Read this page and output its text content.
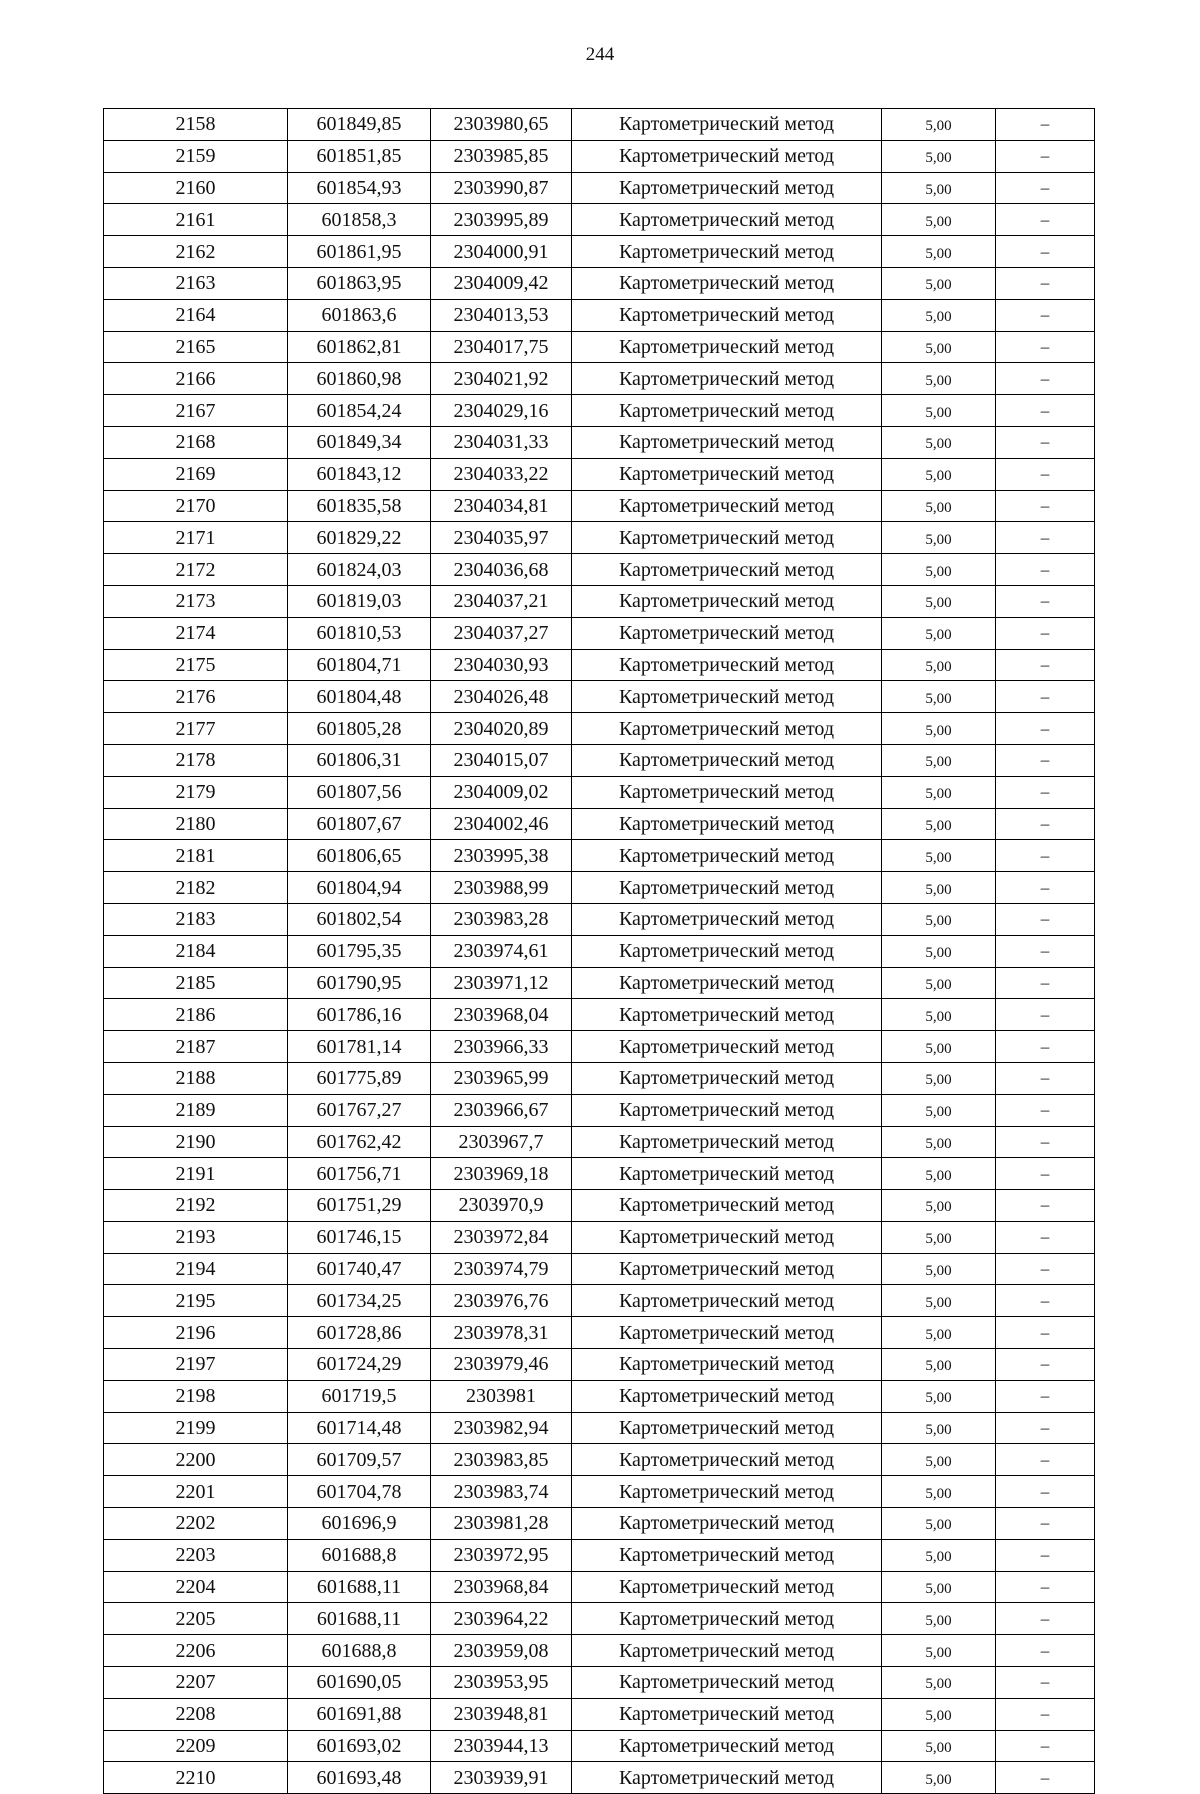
244
2158	601849,85	2303980,65	Картометрический метод	5,00	–
2159	601851,85	2303985,85	Картометрический метод	5,00	–
2160	601854,93	2303990,87	Картометрический метод	5,00	–
2161	601858,3	2303995,89	Картометрический метод	5,00	–
2162	601861,95	2304000,91	Картометрический метод	5,00	–
2163	601863,95	2304009,42	Картометрический метод	5,00	–
2164	601863,6	2304013,53	Картометрический метод	5,00	–
2165	601862,81	2304017,75	Картометрический метод	5,00	–
2166	601860,98	2304021,92	Картометрический метод	5,00	–
2167	601854,24	2304029,16	Картометрический метод	5,00	–
2168	601849,34	2304031,33	Картометрический метод	5,00	–
2169	601843,12	2304033,22	Картометрический метод	5,00	–
2170	601835,58	2304034,81	Картометрический метод	5,00	–
2171	601829,22	2304035,97	Картометрический метод	5,00	–
2172	601824,03	2304036,68	Картометрический метод	5,00	–
2173	601819,03	2304037,21	Картометрический метод	5,00	–
2174	601810,53	2304037,27	Картометрический метод	5,00	–
2175	601804,71	2304030,93	Картометрический метод	5,00	–
2176	601804,48	2304026,48	Картометрический метод	5,00	–
2177	601805,28	2304020,89	Картометрический метод	5,00	–
2178	601806,31	2304015,07	Картометрический метод	5,00	–
2179	601807,56	2304009,02	Картометрический метод	5,00	–
2180	601807,67	2304002,46	Картометрический метод	5,00	–
2181	601806,65	2303995,38	Картометрический метод	5,00	–
2182	601804,94	2303988,99	Картометрический метод	5,00	–
2183	601802,54	2303983,28	Картометрический метод	5,00	–
2184	601795,35	2303974,61	Картометрический метод	5,00	–
2185	601790,95	2303971,12	Картометрический метод	5,00	–
2186	601786,16	2303968,04	Картометрический метод	5,00	–
2187	601781,14	2303966,33	Картометрический метод	5,00	–
2188	601775,89	2303965,99	Картометрический метод	5,00	–
2189	601767,27	2303966,67	Картометрический метод	5,00	–
2190	601762,42	2303967,7	Картометрический метод	5,00	–
2191	601756,71	2303969,18	Картометрический метод	5,00	–
2192	601751,29	2303970,9	Картометрический метод	5,00	–
2193	601746,15	2303972,84	Картометрический метод	5,00	–
2194	601740,47	2303974,79	Картометрический метод	5,00	–
2195	601734,25	2303976,76	Картометрический метод	5,00	–
2196	601728,86	2303978,31	Картометрический метод	5,00	–
2197	601724,29	2303979,46	Картометрический метод	5,00	–
2198	601719,5	2303981	Картометрический метод	5,00	–
2199	601714,48	2303982,94	Картометрический метод	5,00	–
2200	601709,57	2303983,85	Картометрический метод	5,00	–
2201	601704,78	2303983,74	Картометрический метод	5,00	–
2202	601696,9	2303981,28	Картометрический метод	5,00	–
2203	601688,8	2303972,95	Картометрический метод	5,00	–
2204	601688,11	2303968,84	Картометрический метод	5,00	–
2205	601688,11	2303964,22	Картометрический метод	5,00	–
2206	601688,8	2303959,08	Картометрический метод	5,00	–
2207	601690,05	2303953,95	Картометрический метод	5,00	–
2208	601691,88	2303948,81	Картометрический метод	5,00	–
2209	601693,02	2303944,13	Картометрический метод	5,00	–
2210	601693,48	2303939,91	Картометрический метод	5,00	–
